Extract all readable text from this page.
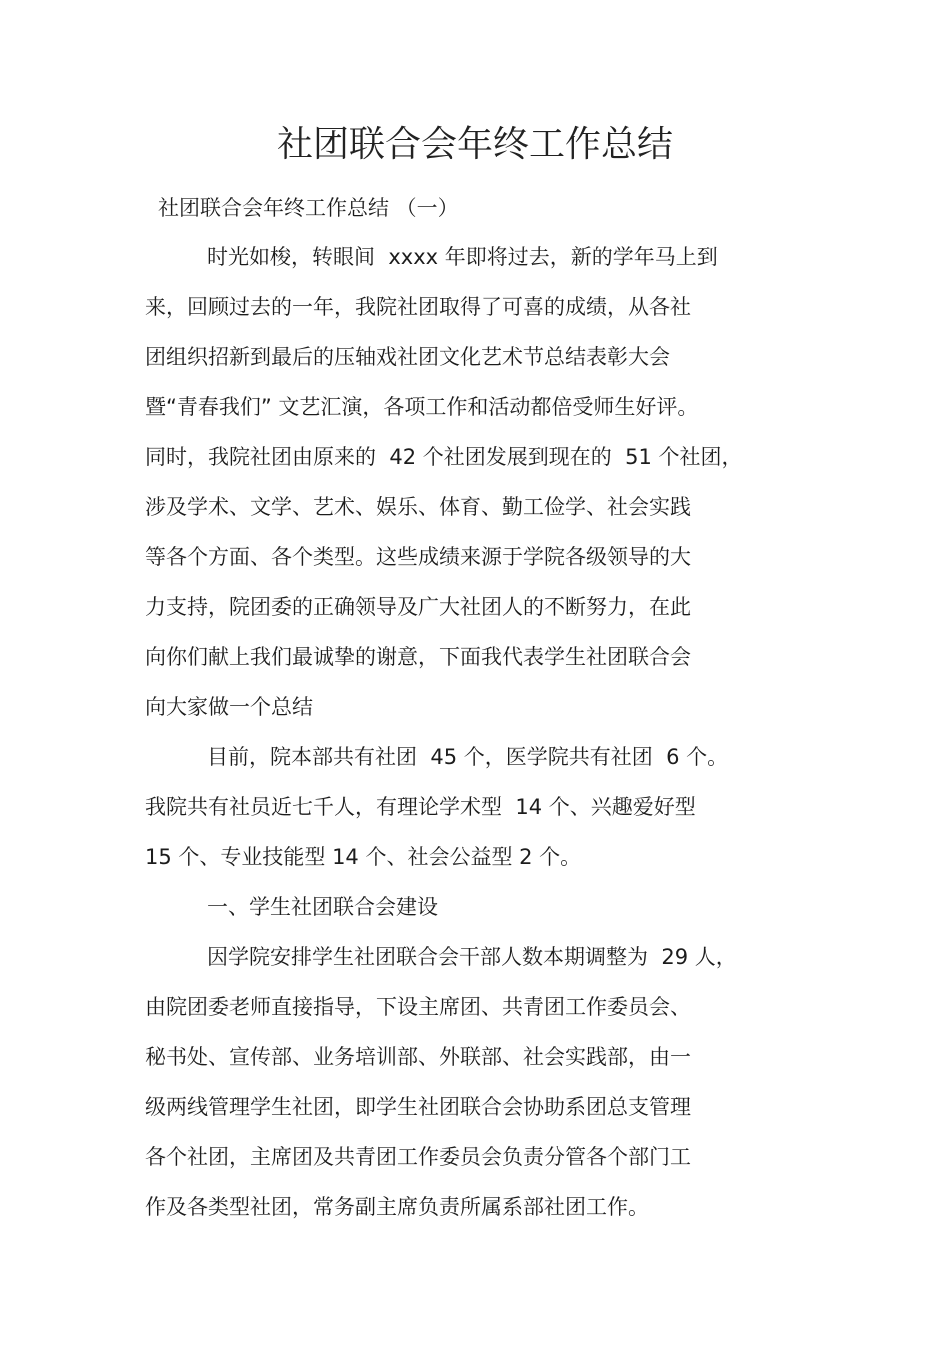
社团联合会年终工作总结
社团联合会年终工作总结 （一）
时光如梭，转眼间  xxxx 年即将过去，新的学年马上到
来，回顾过去的一年，我院社团取得了可喜的成绩，从各社
团组织招新到最后的压轴戏社团文化艺术节总结表彰大会
暨“青春我们” 文艺汇演，各项工作和活动都倍受师生好评。
同时，我院社团由原来的  42 个社团发展到现在的  51 个社团，
涉及学术、文学、艺术、娱乐、体育、勤工俭学、社会实践
等各个方面、各个类型。这些成绩来源于学院各级领导的大
力支持，院团委的正确领导及广大社团人的不断努力，在此
向你们献上我们最诚挚的谢意，下面我代表学生社团联合会
向大家做一个总结
目前，院本部共有社团  45 个，医学院共有社团  6 个。
我院共有社员近七千人，有理论学术型  14 个、兴趣爱好型
15 个、专业技能型 14 个、社会公益型 2 个。
一、学生社团联合会建设
因学院安排学生社团联合会干部人数本期调整为  29 人，
由院团委老师直接指导，下设主席团、共青团工作委员会、
秘书处、宣传部、业务培训部、外联部、社会实践部，由一
级两线管理学生社团，即学生社团联合会协助系团总支管理
各个社团，主席团及共青团工作委员会负责分管各个部门工
作及各类型社团，常务副主席负责所属系部社团工作。
